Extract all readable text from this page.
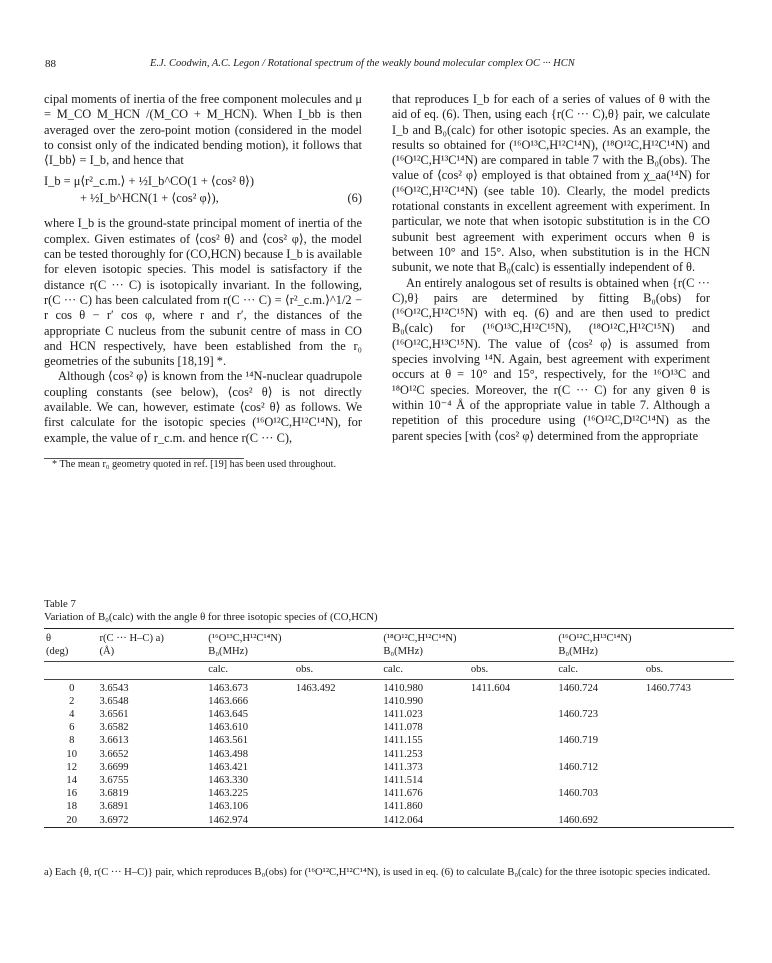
88	E.J. Coodwin, A.C. Legon / Rotational spectrum of the weakly bound molecular complex OC ··· HCN

cipal moments of inertia of the free component molecules and μ = M_CO M_HCN /(M_CO + M_HCN). When I_bb is then averaged over the zero-point motion (considered in the model to consist only of the indicated bending motion), it follows that ⟨I_bb⟩ = I_b, and hence that

I_b = μ⟨r²_c.m.⟩ + ½I_b^CO(1 + ⟨cos² θ⟩)
+ ½I_b^HCN(1 + ⟨cos² φ⟩),	(6)

where I_b is the ground-state principal moment of inertia of the complex. Given estimates of ⟨cos² θ⟩ and ⟨cos² φ⟩, the model can be tested thoroughly for (CO,HCN) because I_b is available for eleven isotopic species. This model is satisfactory if the distance r(C ··· C) is isotopically invariant. In the following, r(C ··· C) has been calculated from r(C ··· C) = ⟨r²_c.m.⟩^1/2 − r cos θ − r′ cos φ, where r and r′, the distances of the appropriate C nucleus from the subunit centre of mass in CO and HCN respectively, have been established from the r₀ geometries of the subunits [18,19] *.

Although ⟨cos² φ⟩ is known from the ¹⁴N-nuclear quadrupole coupling constants (see below), ⟨cos² θ⟩ is not directly available. We can, however, estimate ⟨cos² θ⟩ as follows. We first calculate for the isotopic species (¹⁶O¹²C,H¹²C¹⁴N), for example, the value of r_c.m. and hence r(C ··· C),

* The mean r₀ geometry quoted in ref. [19] has been used throughout.

that reproduces I_b for each of a series of values of θ with the aid of eq. (6). Then, using each {r(C ··· C),θ} pair, we calculate I_b and B₀(calc) for other isotopic species. As an example, the results so obtained for (¹⁶O¹³C,H¹²C¹⁴N), (¹⁸O¹²C,H¹²C¹⁴N) and (¹⁶O¹²C,H¹³C¹⁴N) are compared in table 7 with the B₀(obs). The value of ⟨cos² φ⟩ employed is that obtained from χ_aa(¹⁴N) for (¹⁶O¹²C,H¹²C¹⁴N) (see table 10). Clearly, the model predicts rotational constants in excellent agreement with experiment. In particular, we note that when isotopic substitution is in the CO subunit best agreement with experiment occurs when θ is between 10° and 15°. Also, when substitution is in the HCN subunit, we note that B₀(calc) is essentially independent of θ.

An entirely analogous set of results is obtained when {r(C ··· C),θ} pairs are determined by fitting B₀(obs) for (¹⁶O¹²C,H¹²C¹⁵N) with eq. (6) and are then used to predict B₀(calc) for (¹⁶O¹³C,H¹²C¹⁵N), (¹⁸O¹²C,H¹²C¹⁵N) and (¹⁶O¹²C,H¹³C¹⁵N). The value of ⟨cos² φ⟩ is assumed from species involving ¹⁴N. Again, best agreement with experiment occurs at θ = 10° and 15°, respectively, for the ¹⁶O¹³C and ¹⁸O¹²C species. Moreover, the r(C ··· C) for any given θ is within 10⁻⁴ Å of the appropriate value in table 7. Although a repetition of this procedure using (¹⁶O¹²C,D¹²C¹⁴N) as the parent species [with ⟨cos² φ⟩ determined from the appropriate

Table 7
Variation of B₀(calc) with the angle θ for three isotopic species of (CO,HCN)
θ	r(C ··· H–C) a)	(¹⁶O¹³C,H¹²C¹⁴N)		(¹⁸O¹²C,H¹²C¹⁴N)		(¹⁶O¹²C,H¹³C¹⁴N)	
(deg)	(Å)	B₀(MHz)		B₀(MHz)		B₀(MHz)	
		calc.	obs.	calc.	obs.	calc.	obs.
0	3.6543	1463.673	1463.492	1410.980	1411.604	1460.724	1460.7743
2	3.6548	1463.666		1410.990			
4	3.6561	1463.645		1411.023		1460.723	
6	3.6582	1463.610		1411.078			
8	3.6613	1463.561		1411.155		1460.719	
10	3.6652	1463.498		1411.253			
12	3.6699	1463.421		1411.373		1460.712	
14	3.6755	1463.330		1411.514			
16	3.6819	1463.225		1411.676		1460.703	
18	3.6891	1463.106		1411.860			
20	3.6972	1462.974		1412.064		1460.692	
a) Each {θ, r(C ··· H–C)} pair, which reproduces B₀(obs) for (¹⁶O¹²C,H¹²C¹⁴N), is used in eq. (6) to calculate B₀(calc) for the three isotopic species indicated.
